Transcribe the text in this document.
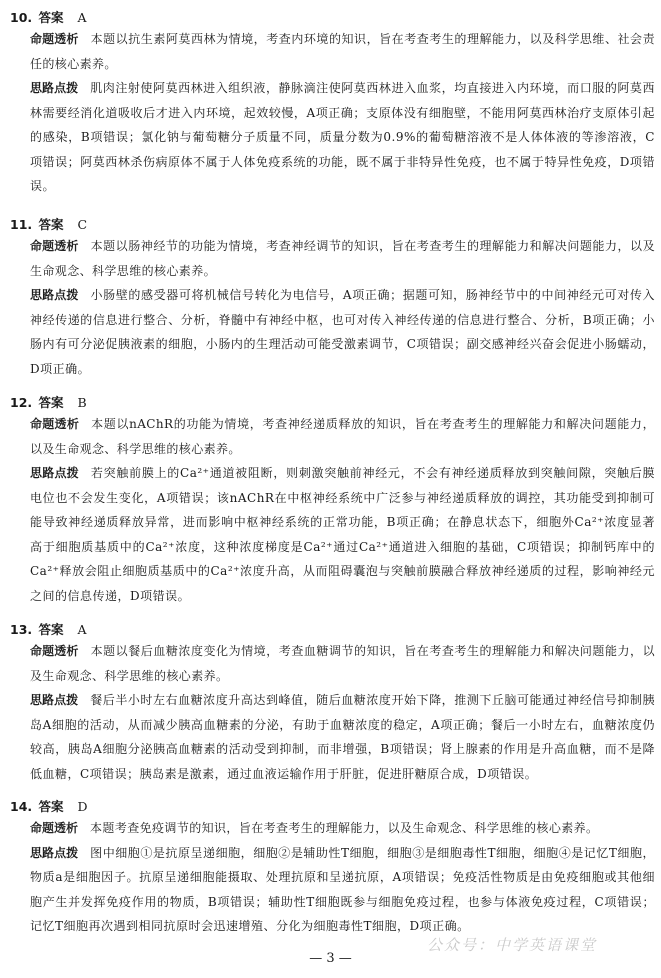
10. 答案 A

命题透析 本题以抗生素阿莫西林为情境，考查内环境的知识，旨在考查考生的理解能力，以及科学思维、社会责任的核心素养。

思路点拨 肌肉注射使阿莫西林进入组织液，静脉滴注使阿莫西林进入血浆，均直接进入内环境，而口服的阿莫西林需要经消化道吸收后才进入内环境，起效较慢，A项正确；支原体没有细胞壁，不能用阿莫西林治疗支原体引起的感染，B项错误；氯化钠与葡萄糖分子质量不同，质量分数为0.9%的葡萄糖溶液不是人体体液的等渗溶液，C项错误；阿莫西林杀伤病原体不属于人体免疫系统的功能，既不属于非特异性免疫，也不属于特异性免疫，D项错误。

11. 答案 C

命题透析 本题以肠神经节的功能为情境，考查神经调节的知识，旨在考查考生的理解能力和解决问题能力，以及生命观念、科学思维的核心素养。

思路点拨 小肠壁的感受器可将机械信号转化为电信号，A项正确；据题可知，肠神经节中的中间神经元可对传入神经传递的信息进行整合、分析，脊髓中有神经中枢，也可对传入神经传递的信息进行整合、分析，B项正确；小肠内有可分泌促胰液素的细胞，小肠内的生理活动可能受激素调节，C项错误；副交感神经兴奋会促进小肠蠕动，D项正确。

12. 答案 B

命题透析 本题以nAChR的功能为情境，考查神经递质释放的知识，旨在考查考生的理解能力和解决问题能力，以及生命观念、科学思维的核心素养。

思路点拨 若突触前膜上的Ca²⁺通道被阻断，则刺激突触前神经元，不会有神经递质释放到突触间隙，突触后膜电位也不会发生变化，A项错误；该nAChR在中枢神经系统中广泛参与神经递质释放的调控，其功能受到抑制可能导致神经递质释放异常，进而影响中枢神经系统的正常功能，B项正确；在静息状态下，细胞外Ca²⁺浓度显著高于细胞质基质中的Ca²⁺浓度，这种浓度梯度是Ca²⁺通过Ca²⁺通道进入细胞的基础，C项错误；抑制钙库中的Ca²⁺释放会阻止细胞质基质中的Ca²⁺浓度升高，从而阻碍囊泡与突触前膜融合释放神经递质的过程，影响神经元之间的信息传递，D项错误。

13. 答案 A

命题透析 本题以餐后血糖浓度变化为情境，考查血糖调节的知识，旨在考查考生的理解能力和解决问题能力，以及生命观念、科学思维的核心素养。

思路点拨 餐后半小时左右血糖浓度升高达到峰值，随后血糖浓度开始下降，推测下丘脑可能通过神经信号抑制胰岛A细胞的活动，从而减少胰高血糖素的分泌，有助于血糖浓度的稳定，A项正确；餐后一小时左右，血糖浓度仍较高，胰岛A细胞分泌胰高血糖素的活动受到抑制，而非增强，B项错误；肾上腺素的作用是升高血糖，而不是降低血糖，C项错误；胰岛素是激素，通过血液运输作用于肝脏，促进肝糖原合成，D项错误。

14. 答案 D

命题透析 本题考查免疫调节的知识，旨在考查考生的理解能力，以及生命观念、科学思维的核心素养。

思路点拨 图中细胞①是抗原呈递细胞，细胞②是辅助性T细胞，细胞③是细胞毒性T细胞，细胞④是记忆T细胞，物质a是细胞因子。抗原呈递细胞能摄取、处理抗原和呈递抗原，A项错误；免疫活性物质是由免疫细胞或其他细胞产生并发挥免疫作用的物质，B项错误；辅助性T细胞既参与细胞免疫过程，也参与体液免疫过程，C项错误；记忆T细胞再次遇到相同抗原时会迅速增殖、分化为细胞毒性T细胞，D项正确。

公众号：中学英语课堂
— 3 —
